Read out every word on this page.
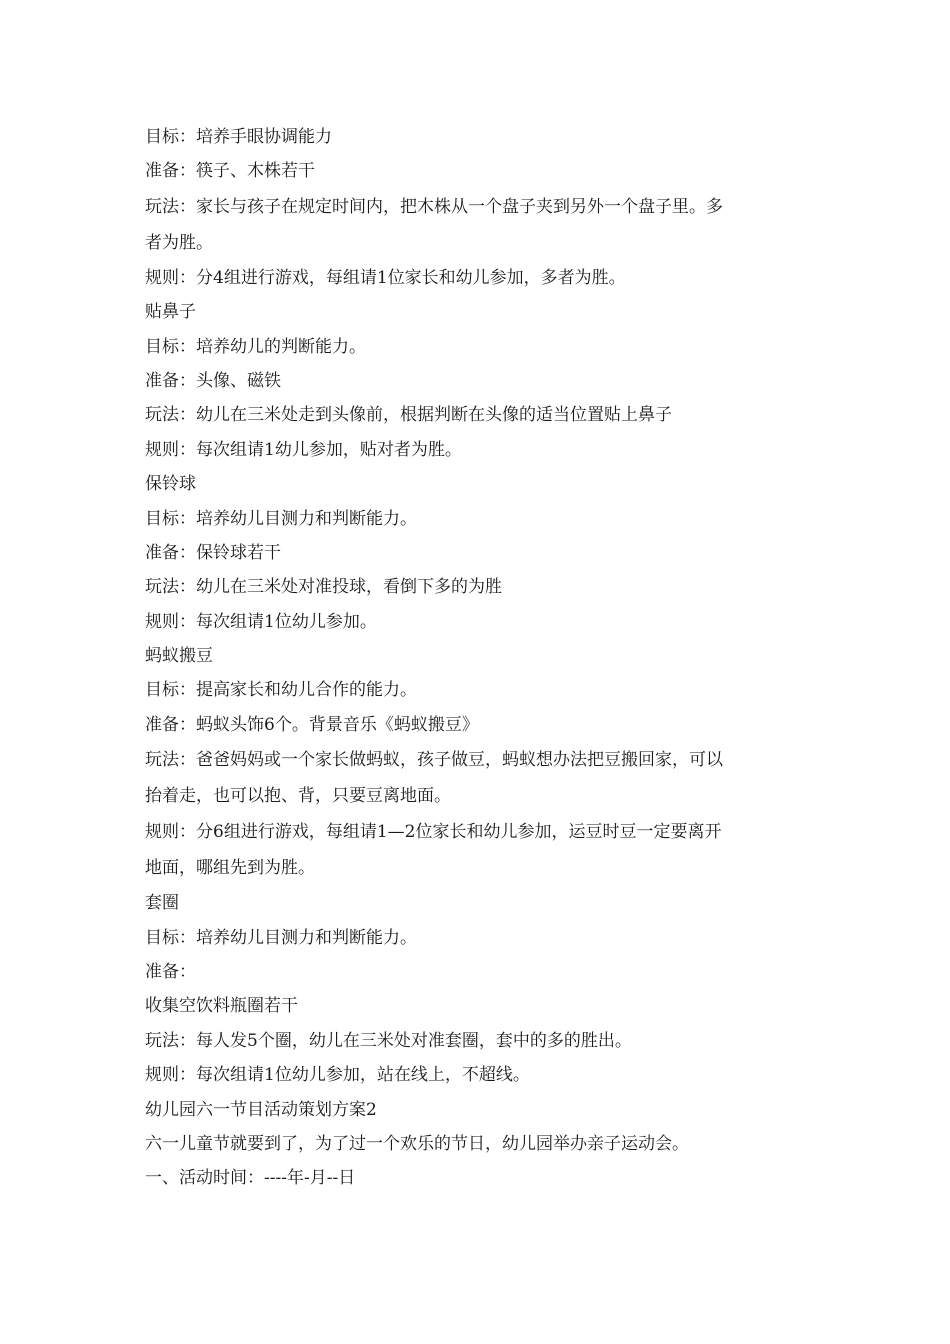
目标：培养手眼协调能力
准备：筷子、木株若干
玩法：家长与孩子在规定时间内，把木株从一个盘子夹到另外一个盘子里。多
者为胜。
规则：分4组进行游戏，每组请1位家长和幼儿参加，多者为胜。
贴鼻子
目标：培养幼儿的判断能力。
准备：头像、磁铁
玩法：幼儿在三米处走到头像前，根据判断在头像的适当位置贴上鼻子
规则：每次组请1幼儿参加，贴对者为胜。
保铃球
目标：培养幼儿目测力和判断能力。
准备：保铃球若干
玩法：幼儿在三米处对准投球，看倒下多的为胜
规则：每次组请1位幼儿参加。
蚂蚁搬豆
目标：提高家长和幼儿合作的能力。
准备：蚂蚁头饰6个。背景音乐《蚂蚁搬豆》
玩法：爸爸妈妈或一个家长做蚂蚁，孩子做豆，蚂蚁想办法把豆搬回家，可以
抬着走，也可以抱、背，只要豆离地面。
规则：分6组进行游戏，每组请1—2位家长和幼儿参加，运豆时豆一定要离开
地面，哪组先到为胜。
套圈
目标：培养幼儿目测力和判断能力。
准备：
收集空饮料瓶圈若干
玩法：每人发5个圈，幼儿在三米处对准套圈，套中的多的胜出。
规则：每次组请1位幼儿参加，站在线上，不超线。
幼儿园六一节目活动策划方案2
六一儿童节就要到了，为了过一个欢乐的节日，幼儿园举办亲子运动会。
一、活动时间：----年-月--日
